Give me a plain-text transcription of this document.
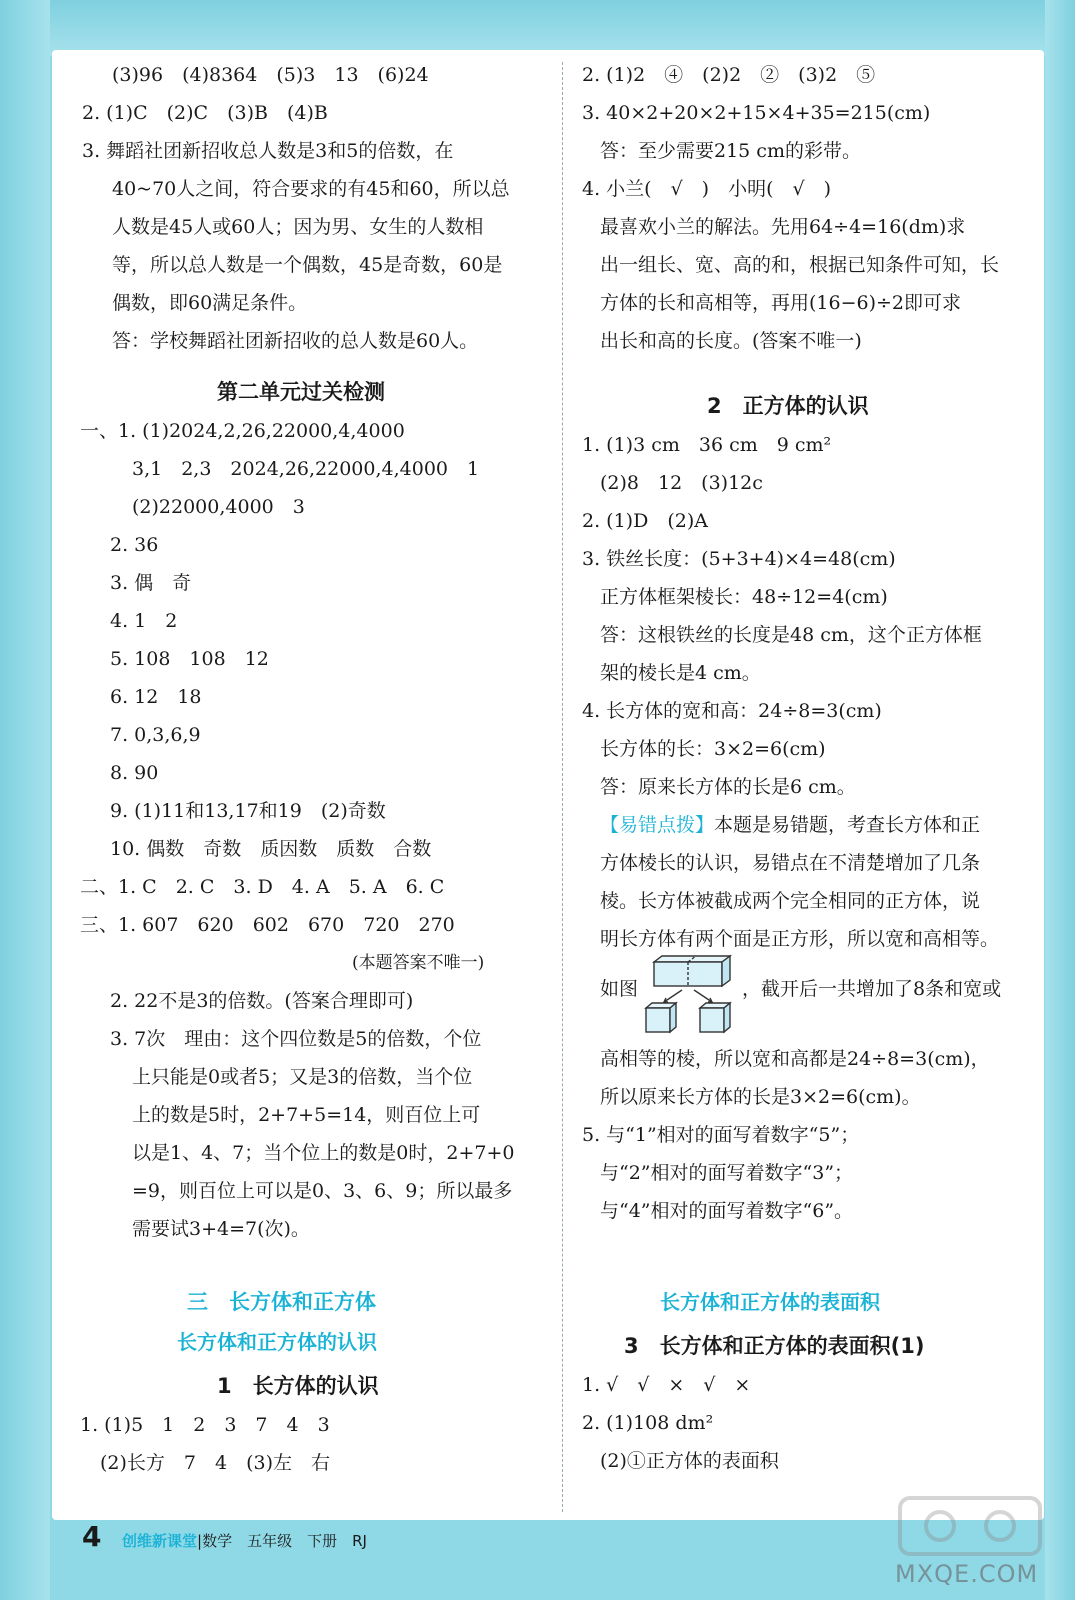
(3)96　(4)8364　(5)3　13　(6)24
2. (1)C　(2)C　(3)B　(4)B
3. 舞蹈社团新招收总人数是3和5的倍数，在
40~70人之间，符合要求的有45和60，所以总
人数是45人或60人；因为男、女生的人数相
等，所以总人数是一个偶数，45是奇数，60是
偶数，即60满足条件。
答：学校舞蹈社团新招收的总人数是60人。
第二单元过关检测
一、1. (1)2024,2,26,22000,4,4000
3,1　2,3　2024,26,22000,4,4000　1
(2)22000,4000　3
2. 36
3. 偶　奇
4. 1　2
5. 108　108　12
6. 12　18
7. 0,3,6,9
8. 90
9. (1)11和13,17和19　(2)奇数
10. 偶数　奇数　质因数　质数　合数
二、1. C　2. C　3. D　4. A　5. A　6. C
三、1. 607　620　602　670　720　270
(本题答案不唯一)
2. 22不是3的倍数。(答案合理即可)
3. 7次　理由：这个四位数是5的倍数，个位
上只能是0或者5；又是3的倍数，当个位
上的数是5时，2+7+5=14，则百位上可
以是1、4、7；当个位上的数是0时，2+7+0
=9，则百位上可以是0、3、6、9；所以最多
需要试3+4=7(次)。
三　长方体和正方体
长方体和正方体的认识
1　长方体的认识
1. (1)5　1　2　3　7　4　3
(2)长方　7　4　(3)左　右
2. (1)2　④　(2)2　②　(3)2　⑤
3. 40×2+20×2+15×4+35=215(cm)
答：至少需要215 cm的彩带。
4. 小兰(　√　)　小明(　√　)
最喜欢小兰的解法。先用64÷4=16(dm)求
出一组长、宽、高的和，根据已知条件可知，长
方体的长和高相等，再用(16−6)÷2即可求
出长和高的长度。(答案不唯一)
2　正方体的认识
1. (1)3 cm　36 cm　9 cm²
(2)8　12　(3)12c
2. (1)D　(2)A
3. 铁丝长度：(5+3+4)×4=48(cm)
正方体框架棱长：48÷12=4(cm)
答：这根铁丝的长度是48 cm，这个正方体框
架的棱长是4 cm。
4. 长方体的宽和高：24÷8=3(cm)
长方体的长：3×2=6(cm)
答：原来长方体的长是6 cm。
【易错点拨】本题是易错题，考查长方体和正
方体棱长的认识，易错点在不清楚增加了几条
棱。长方体被截成两个完全相同的正方体，说
明长方体有两个面是正方形，所以宽和高相等。
如图	，截开后一共增加了8条和宽或
高相等的棱，所以宽和高都是24÷8=3(cm)，
所以原来长方体的长是3×2=6(cm)。
5. 与“1”相对的面写着数字“5”；
与“2”相对的面写着数字“3”；
与“4”相对的面写着数字“6”。
长方体和正方体的表面积
3　长方体和正方体的表面积(1)
1. √　√　×　√　×
2. (1)108 dm²
(2)①正方体的表面积
4 创维新课堂|数学　五年级　下册　RJ
MXQE.COM
